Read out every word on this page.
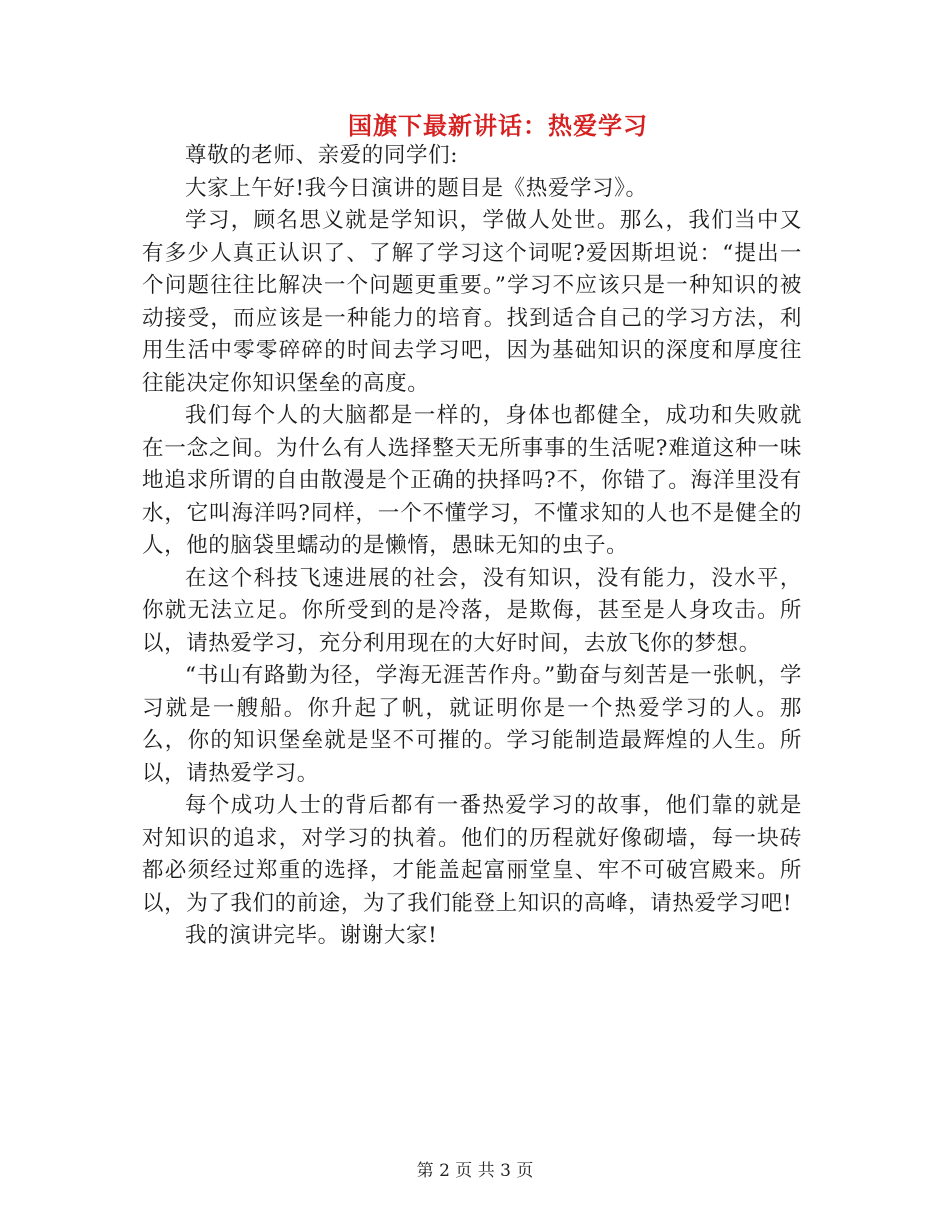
国旗下最新讲话：热爱学习

尊敬的老师、亲爱的同学们:

大家上午好!我今日演讲的题目是《热爱学习》。

学习，顾名思义就是学知识，学做人处世。那么，我们当中又有多少人真正认识了、了解了学习这个词呢?爱因斯坦说：“提出一个问题往往比解决一个问题更重要。”学习不应该只是一种知识的被动接受，而应该是一种能力的培育。找到适合自己的学习方法，利用生活中零零碎碎的时间去学习吧，因为基础知识的深度和厚度往往能决定你知识堡垒的高度。

我们每个人的大脑都是一样的，身体也都健全，成功和失败就在一念之间。为什么有人选择整天无所事事的生活呢?难道这种一味地追求所谓的自由散漫是个正确的抉择吗?不，你错了。海洋里没有水，它叫海洋吗?同样，一个不懂学习，不懂求知的人也不是健全的人，他的脑袋里蠕动的是懒惰，愚昧无知的虫子。

在这个科技飞速进展的社会，没有知识，没有能力，没水平，你就无法立足。你所受到的是冷落，是欺侮，甚至是人身攻击。所以，请热爱学习，充分利用现在的大好时间，去放飞你的梦想。

“书山有路勤为径，学海无涯苦作舟。”勤奋与刻苦是一张帆，学习就是一艘船。你升起了帆，就证明你是一个热爱学习的人。那么，你的知识堡垒就是坚不可摧的。学习能制造最辉煌的人生。所以，请热爱学习。

每个成功人士的背后都有一番热爱学习的故事，他们靠的就是对知识的追求，对学习的执着。他们的历程就好像砌墙，每一块砖都必须经过郑重的选择，才能盖起富丽堂皇、牢不可破宫殿来。所以，为了我们的前途，为了我们能登上知识的高峰，请热爱学习吧!

我的演讲完毕。谢谢大家!

第 2 页 共 3 页
